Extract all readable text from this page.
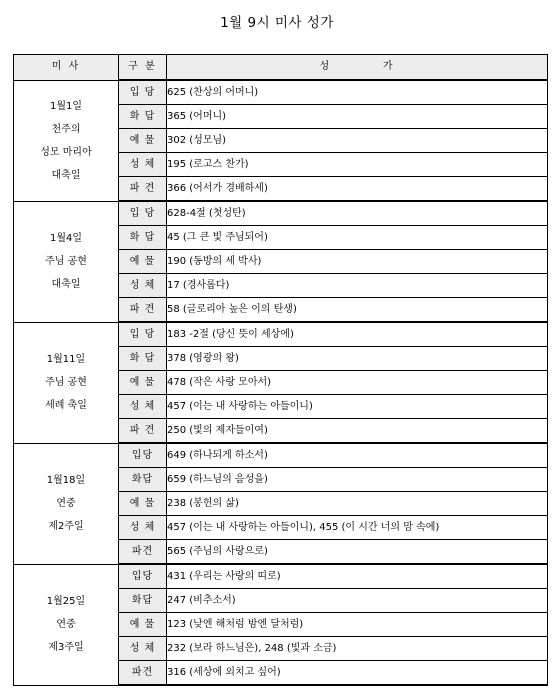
1월 9시 미사 성가
미 사	구 분	성          가

1월1일
천주의
성모 마리아
대축일	입 당	625 (찬상의 어머니)
	화 답	365 (어머니)
	예 물	302 (성모님)
	성 체	195 (로고스 찬가)
	파 견	366 (어서가 경배하세)

1월4일
주님 공현
대축일	입 당	628-4절 (첫성탄)
	화 답	45 (그 큰 빛 주님되어)
	예 물	190 (동방의 세 박사)
	성 체	17 (경사롭다)
	파 견	58 (글로리아 높은 이의 탄생)

1월11일
주님 공현
세례 축일	입 당	183 -2절 (당신 뜻이 세상에)
	화 답	378 (영광의 왕)
	예 물	478 (작은 사랑 모아서)
	성 체	457 (이는 내 사랑하는 아들이니)
	파 견	250 (빛의 제자들이여)

1월18일
연중
제2주일	입당	649 (하나되게 하소서)
	화답	659 (하느님의 음성을)
	예 물	238 (봉헌의 삶)
	성 체	457 (이는 내 사랑하는 아들이니), 455 (이 시간 너의 맘 속에)
	파견	565 (주님의 사랑으로)

1월25일
연중
제3주일	입당	431 (우리는 사랑의 띠로)
	화답	247 (비추소서)
	예 물	123 (낮엔 해처럼 밤엔 달처럼)
	성 체	232 (보라 하느님은), 248 (빛과 소금)
	파견	316 (세상에 외치고 싶어)
